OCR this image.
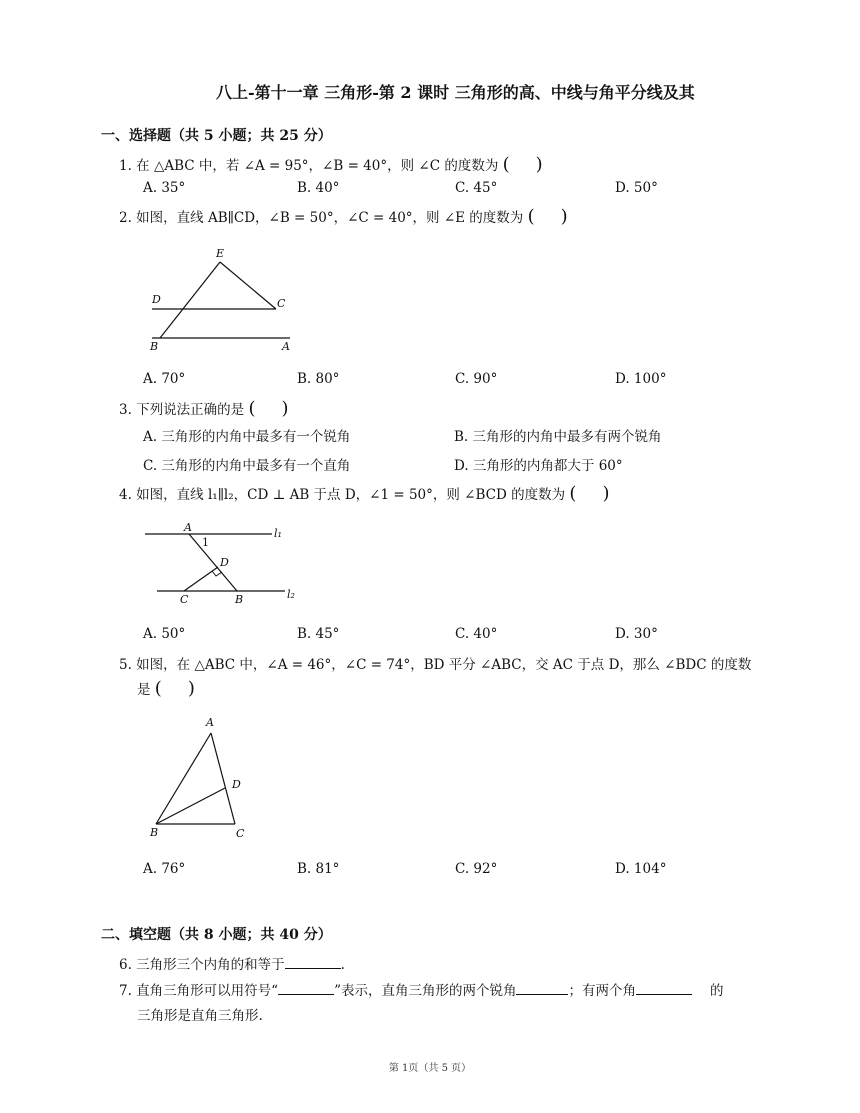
八上-第十一章 三角形-第 2 课时 三角形的高、中线与角平分线及其
一、选择题（共 5 小题；共 25 分）
1. 在 △ABC 中，若 ∠A = 95°，∠B = 40°，则 ∠C 的度数为 ( )
A. 35°	B. 40°	C. 45°	D. 50°
2. 如图，直线 AB∥CD，∠B = 50°，∠C = 40°，则 ∠E 的度数为 ( )
E
D	C
B	A
A. 70°	B. 80°	C. 90°	D. 100°
3. 下列说法正确的是 ( )
A. 三角形的内角中最多有一个锐角	B. 三角形的内角中最多有两个锐角
C. 三角形的内角中最多有一个直角	D. 三角形的内角都大于 60°
4. 如图，直线 l₁∥l₂，CD ⊥ AB 于点 D，∠1 = 50°，则 ∠BCD 的度数为 ( )
A
1
l₁
D
C	B	l₂
A. 50°	B. 45°	C. 40°	D. 30°
5. 如图，在 △ABC 中，∠A = 46°，∠C = 74°，BD 平分 ∠ABC，交 AC 于点 D，那么 ∠BDC 的度数
是 ( )
A
D
B	C
A. 76°	B. 81°	C. 92°	D. 104°
二、填空题（共 8 小题；共 40 分）
6. 三角形三个内角的和等于	.
7. 直角三角形可以用符号“	”表示，直角三角形的两个锐角	；有两个角	的
三角形是直角三角形.
第 1页（共 5 页）
